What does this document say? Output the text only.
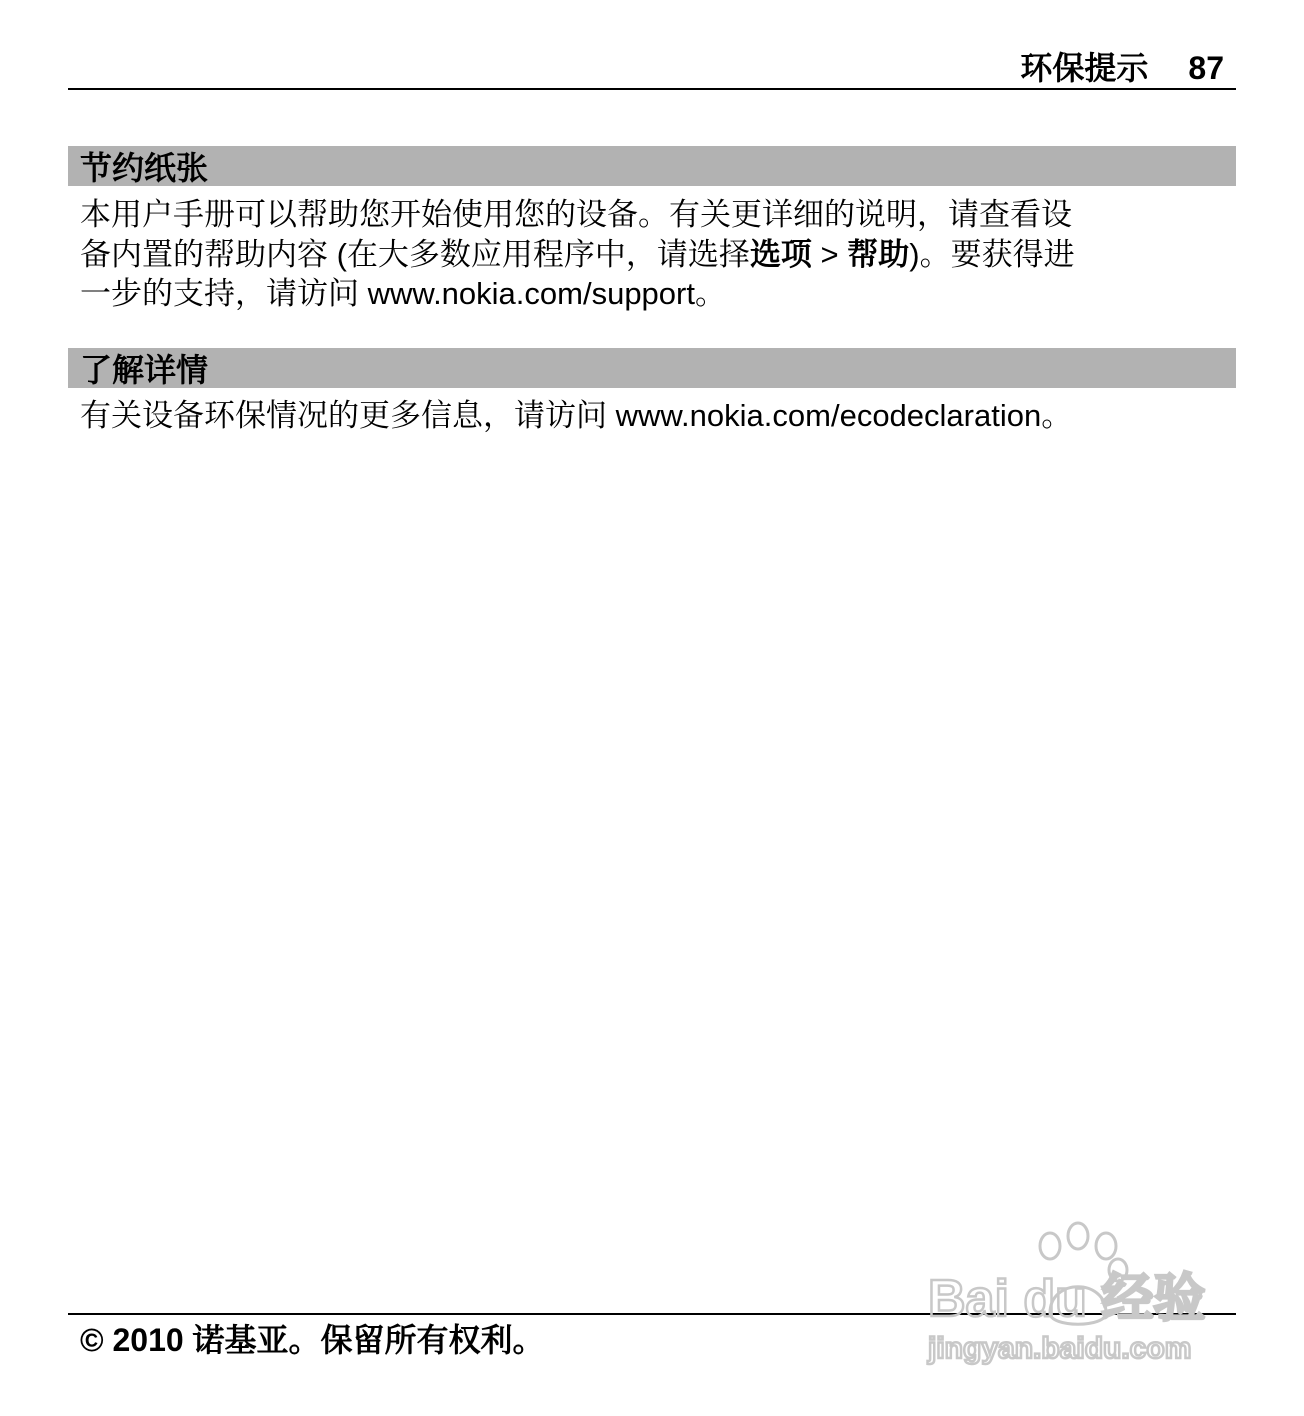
环保提示 87
节约纸张
本用户手册可以帮助您开始使用您的设备。有关更详细的说明，请查看设
备内置的帮助内容 (在大多数应用程序中，请选择选项 > 帮助)。要获得进
一步的支持，请访问 www.nokia.com/support。
了解详情
有关设备环保情况的更多信息，请访问 www.nokia.com/ecodeclaration。
© 2010 诺基亚。保留所有权利。
Bai du 经验
jingyan.baidu.com
